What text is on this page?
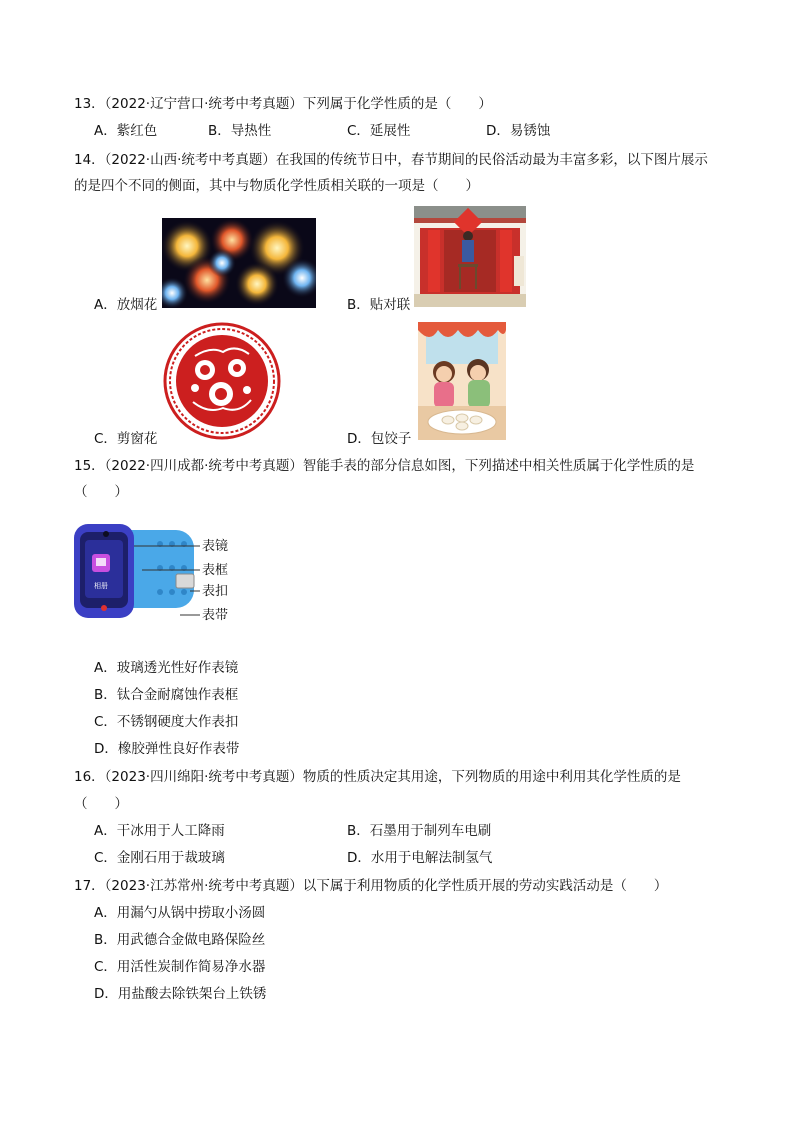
13．（2022·辽宁营口·统考中考真题）下列属于化学性质的是（　　）
A．紫红色	B．导热性	C．延展性	D．易锈蚀
14．（2022·山西·统考中考真题）在我国的传统节日中，春节期间的民俗活动最为丰富多彩，以下图片展示
的是四个不同的侧面，其中与物质化学性质相关联的一项是（　　）
A．放烟花	B．贴对联
C．剪窗花	D．包饺子
15．（2022·四川成都·统考中考真题）智能手表的部分信息如图，下列描述中相关性质属于化学性质的是
（　　）
相册
表镜
表框
表扣
表带
A．玻璃透光性好作表镜
B．钛合金耐腐蚀作表框
C．不锈钢硬度大作表扣
D．橡胶弹性良好作表带
16．（2023·四川绵阳·统考中考真题）物质的性质决定其用途，下列物质的用途中利用其化学性质的是
（　　）
A．干冰用于人工降雨	B．石墨用于制列车电刷
C．金刚石用于裁玻璃	D．水用于电解法制氢气
17．（2023·江苏常州·统考中考真题）以下属于利用物质的化学性质开展的劳动实践活动是（　　）
A．用漏勺从锅中捞取小汤圆
B．用武德合金做电路保险丝
C．用活性炭制作简易净水器
D．用盐酸去除铁架台上铁锈
